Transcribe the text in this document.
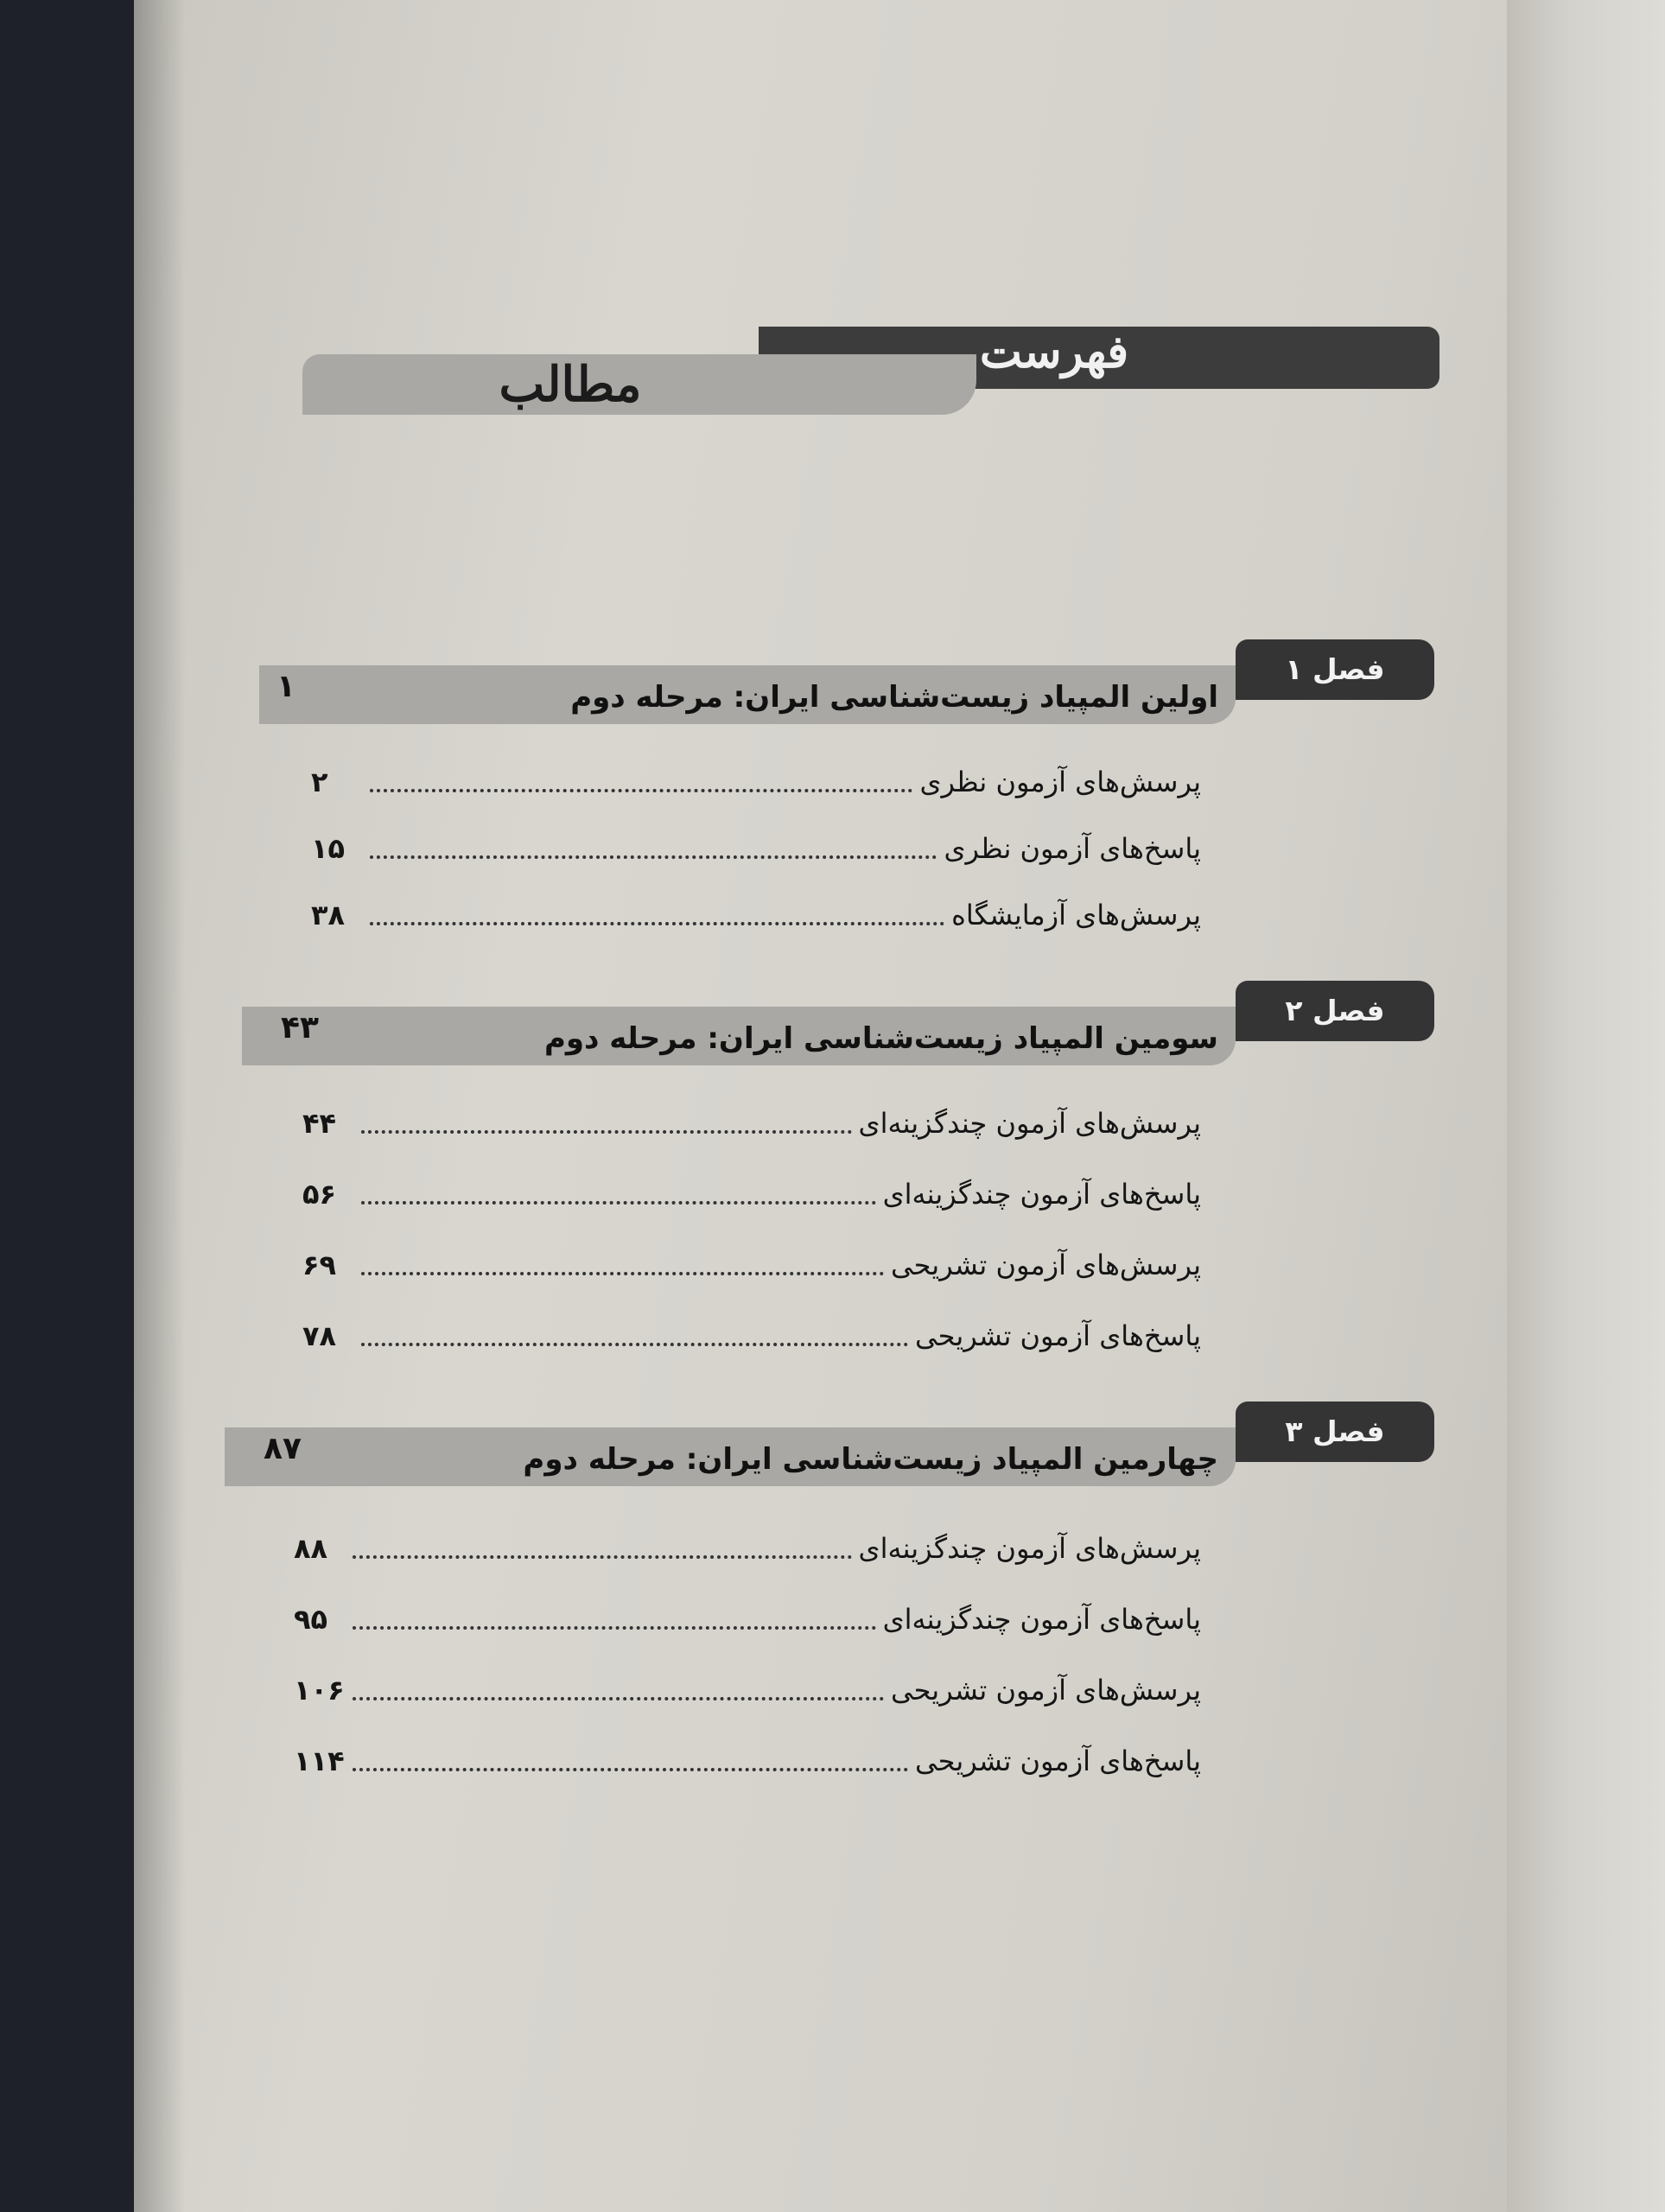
فهرست
مطالب
فصل ۱
اولین المپیاد زیست‌شناسی ایران: مرحله دوم
۱
پرسش‌های آزمون نظری
۲
پاسخ‌های آزمون نظری
۱۵
پرسش‌های آزمایشگاه
۳۸
فصل ۲
سومین المپیاد زیست‌شناسی ایران: مرحله دوم
۴۳
پرسش‌های آزمون چندگزینه‌ای
۴۴
پاسخ‌های آزمون چندگزینه‌ای
۵۶
پرسش‌های آزمون تشریحی
۶۹
پاسخ‌های آزمون تشریحی
۷۸
فصل ۳
چهارمین المپیاد زیست‌شناسی ایران: مرحله دوم
۸۷
پرسش‌های آزمون چندگزینه‌ای
۸۸
پاسخ‌های آزمون چندگزینه‌ای
۹۵
پرسش‌های آزمون تشریحی
۱۰۶
پاسخ‌های آزمون تشریحی
۱۱۴
